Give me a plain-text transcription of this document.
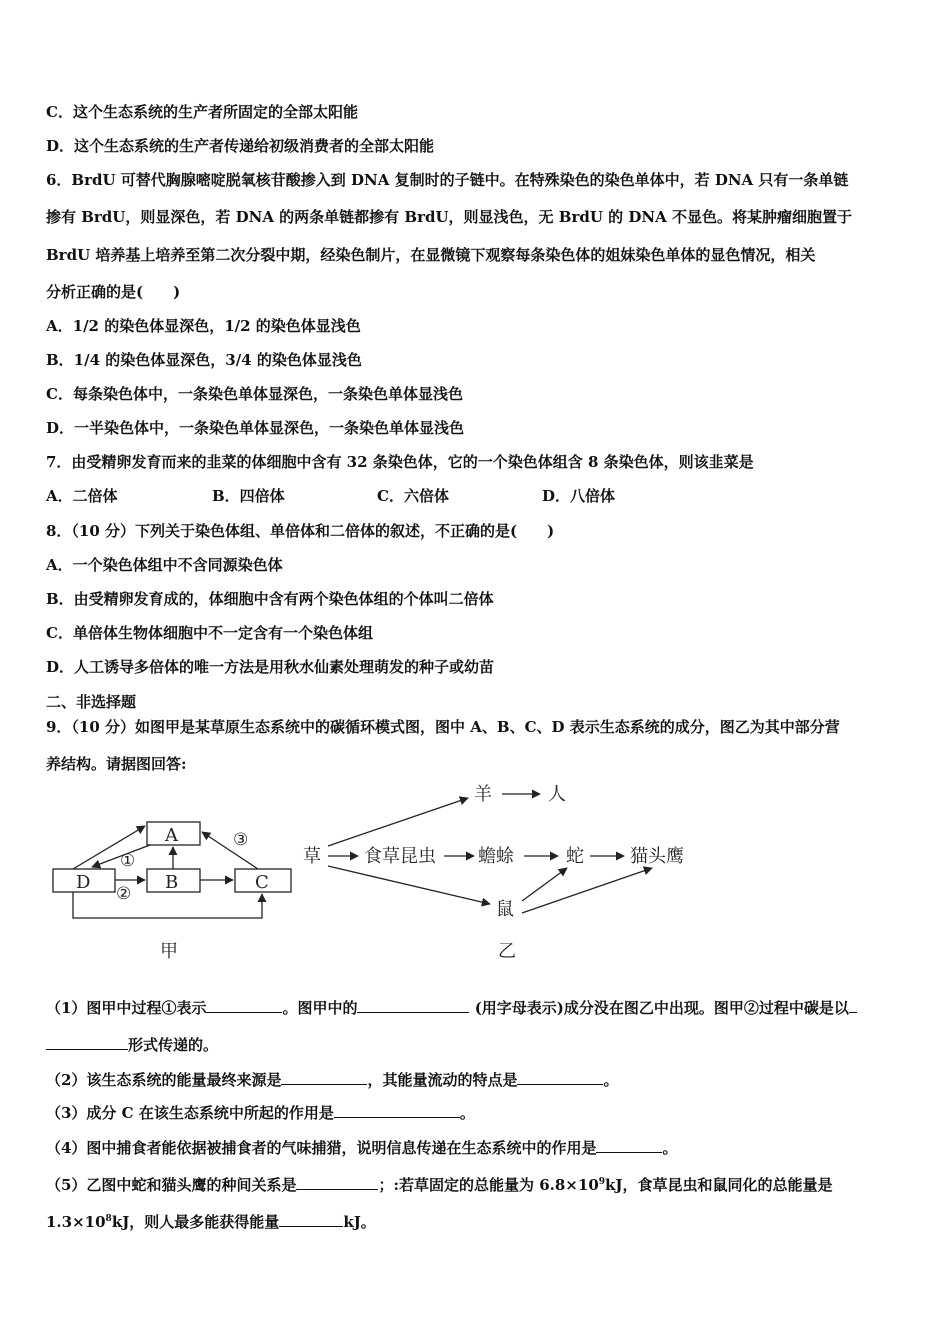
C．这个生态系统的生产者所固定的全部太阳能
D．这个生态系统的生产者传递给初级消费者的全部太阳能
6．BrdU 可替代胸腺嘧啶脱氧核苷酸掺入到 DNA 复制时的子链中。在特殊染色的染色单体中，若 DNA 只有一条单链
掺有 BrdU，则显深色，若 DNA 的两条单链都掺有 BrdU，则显浅色，无 BrdU 的 DNA 不显色。将某肿瘤细胞置于
BrdU 培养基上培养至第二次分裂中期，经染色制片，在显微镜下观察每条染色体的姐妹染色单体的显色情况，相关
分析正确的是(　　)
A．1/2 的染色体显深色，1/2 的染色体显浅色
B．1/4 的染色体显深色，3/4 的染色体显浅色
C．每条染色体中，一条染色单体显深色，一条染色单体显浅色
D．一半染色体中，一条染色单体显深色，一条染色单体显浅色
7．由受精卵发育而来的韭菜的体细胞中含有 32 条染色体，它的一个染色体组含 8 条染色体，则该韭菜是
A．二倍体	B．四倍体	C．六倍体	D．八倍体
8．（10 分）下列关于染色体组、单倍体和二倍体的叙述，不正确的是(　　)
A．一个染色体组中不含同源染色体
B．由受精卵发育成的，体细胞中含有两个染色体组的个体叫二倍体
C．单倍体生物体细胞中不一定含有一个染色体组
D．人工诱导多倍体的唯一方法是用秋水仙素处理萌发的种子或幼苗
二、非选择题
9．（10 分）如图甲是某草原生态系统中的碳循环模式图，图中 A、B、C、D 表示生态系统的成分，图乙为其中部分营
养结构。请据图回答:
A
B	C
D
①
②
③
甲
草
羊	人
食草昆虫 蟾蜍	蛇	猫头鹰
鼠
乙
（1）图甲中过程①表示	。图甲中的	(用字母表示)成分没在图乙中出现。图甲②过程中碳是以
形式传递的。
（2）该生态系统的能量最终来源是	，其能量流动的特点是	。
（3）成分 C 在该生态系统中所起的作用是	。
（4）图中捕食者能依据被捕食者的气味捕猎，说明信息传递在生态系统中的作用是	。
（5）乙图中蛇和猫头鹰的种间关系是	；:若草固定的总能量为 $6.8\times 10^9kJ$，食草昆虫和鼠同化的总能量是
$1.3\times 10^8kJ$，则人最多能获得能量	kJ。
